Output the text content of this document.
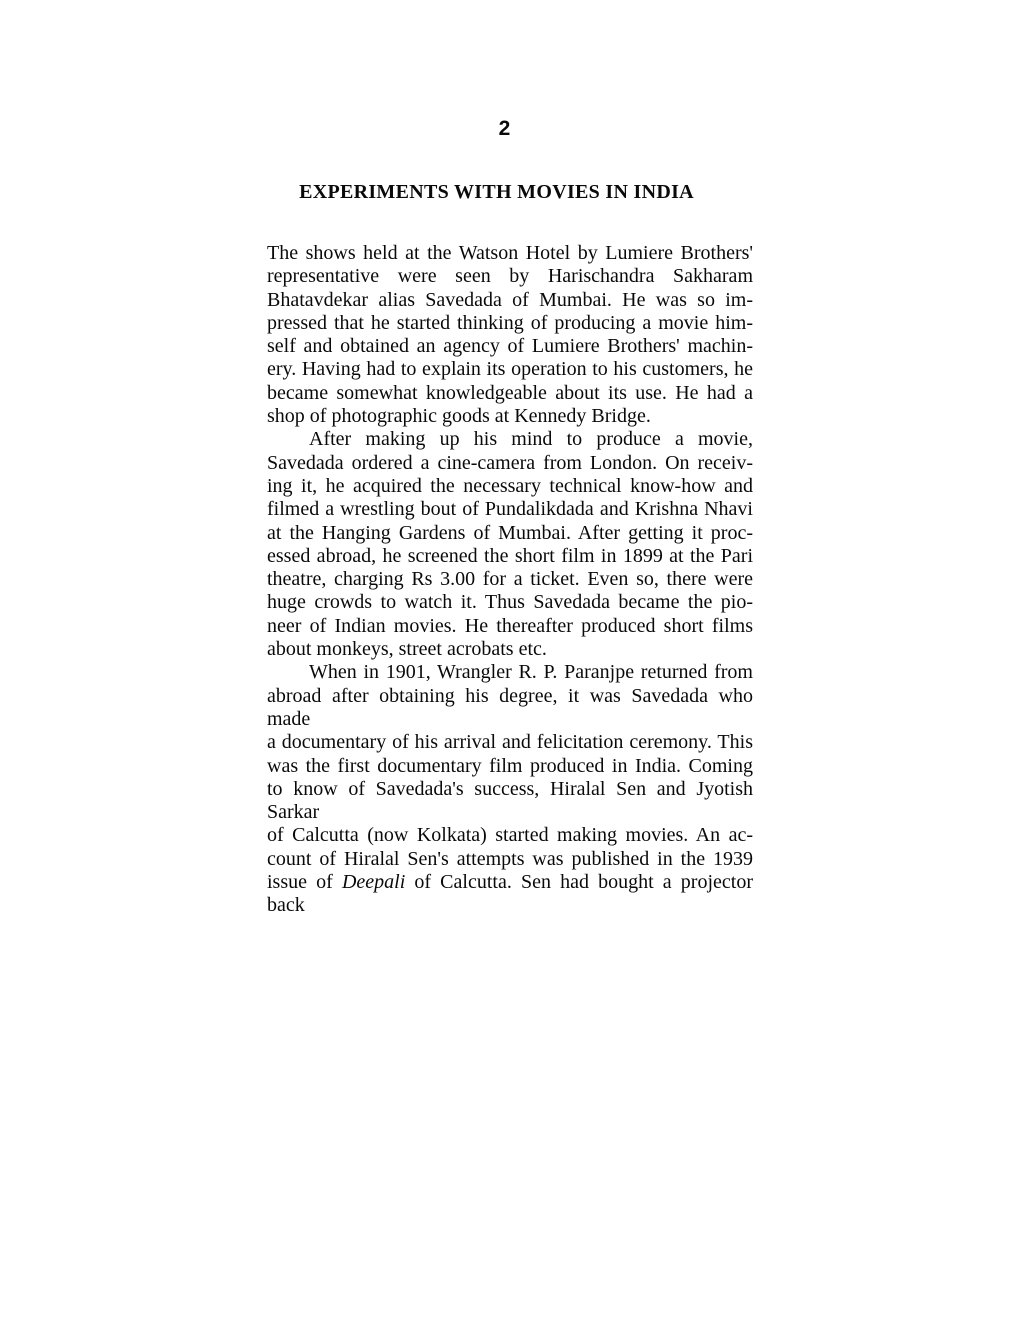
2
EXPERIMENTS WITH MOVIES IN INDIA
The shows held at the Watson Hotel by Lumiere Brothers'
representative were seen by Harischandra Sakharam
Bhatavdekar alias Savedada of Mumbai. He was so im-
pressed that he started thinking of producing a movie him-
self and obtained an agency of Lumiere Brothers' machin-
ery. Having had to explain its operation to his customers, he
became somewhat knowledgeable about its use. He had a
shop of photographic goods at Kennedy Bridge.
After making up his mind to produce a movie,
Savedada ordered a cine-camera from London. On receiv-
ing it, he acquired the necessary technical know-how and
filmed a wrestling bout of Pundalikdada and Krishna Nhavi
at the Hanging Gardens of Mumbai. After getting it proc-
essed abroad, he screened the short film in 1899 at the Pari
theatre, charging Rs 3.00 for a ticket. Even so, there were
huge crowds to watch it. Thus Savedada became the pio-
neer of Indian movies. He thereafter produced short films
about monkeys, street acrobats etc.
When in 1901, Wrangler R. P. Paranjpe returned from
abroad after obtaining his degree, it was Savedada who made
a documentary of his arrival and felicitation ceremony. This
was the first documentary film produced in India. Coming
to know of Savedada's success, Hiralal Sen and Jyotish Sarkar
of Calcutta (now Kolkata) started making movies. An ac-
count of Hiralal Sen's attempts was published in the 1939
issue of Deepali of Calcutta. Sen had bought a projector back
